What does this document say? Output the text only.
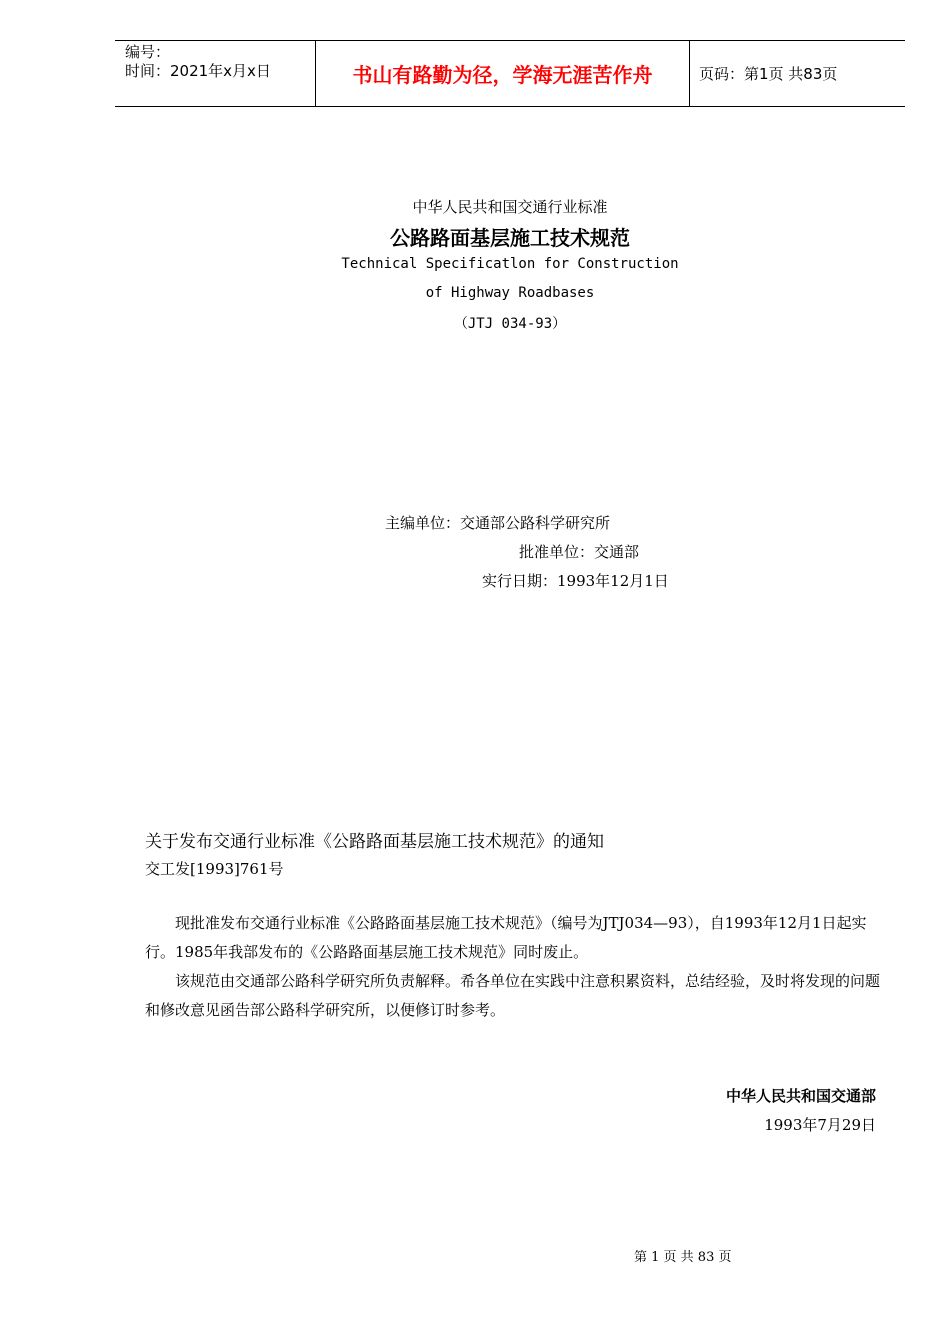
编号：
时间：2021年x月x日	书山有路勤为径，学海无涯苦作舟	页码：第1页 共83页
中华人民共和国交通行业标准
公路路面基层施工技术规范
Technical Specificatlon for Construction
of Highway Roadbases
（JTJ 034-93）
主编单位：交通部公路科学研究所
批准单位：交通部
实行日期：1993年12月1日
关于发布交通行业标准《公路路面基层施工技术规范》的通知
交工发[1993]761号

现批准发布交通行业标准《公路路面基层施工技术规范》（编号为JTJ034—93），自1993年12月1日起实行。1985年我部发布的《公路路面基层施工技术规范》同时废止。

该规范由交通部公路科学研究所负责解释。希各单位在实践中注意积累资料，总结经验，及时将发现的问题和修改意见函告部公路科学研究所，以便修订时参考。

中华人民共和国交通部
1993年7月29日
第 1 页 共 83 页
